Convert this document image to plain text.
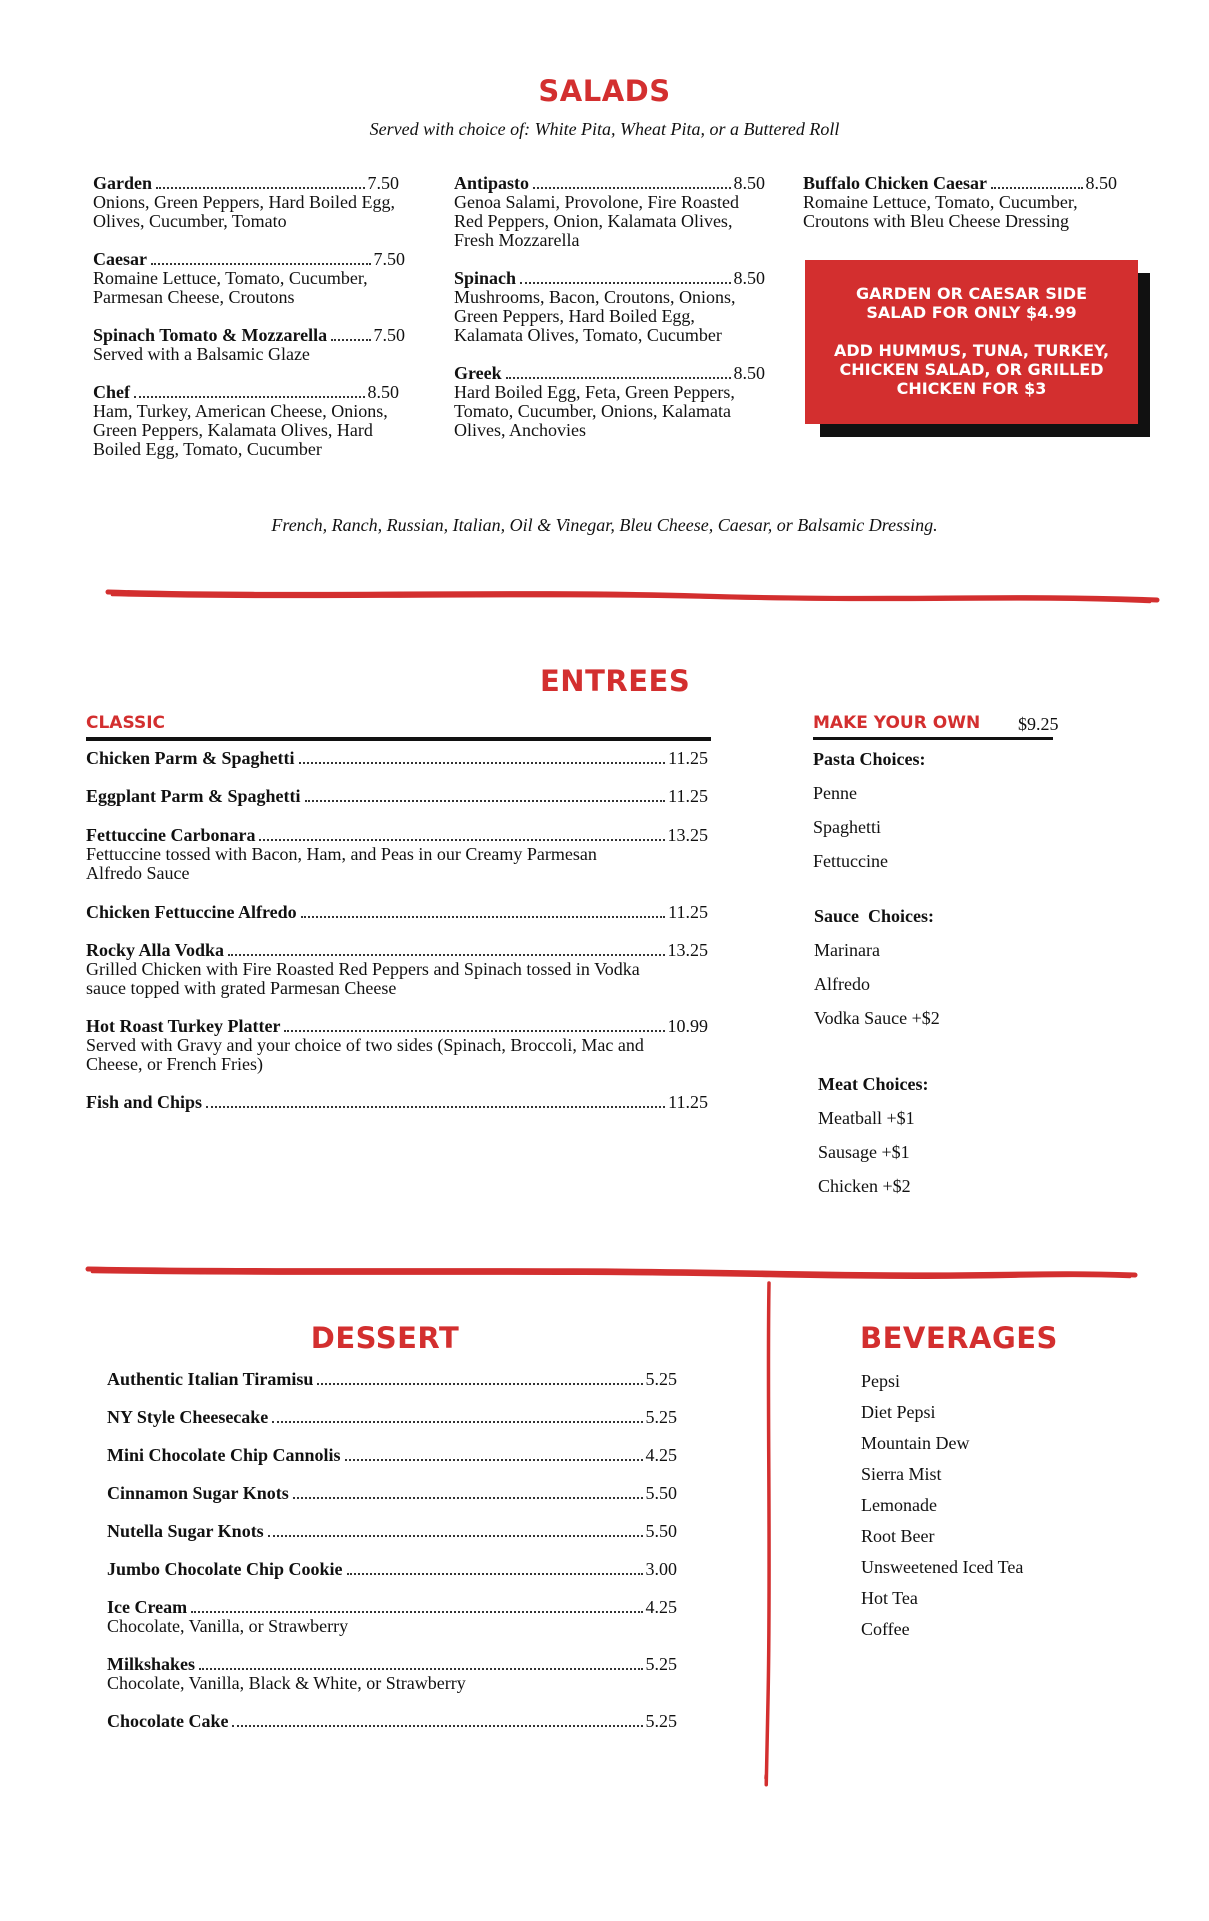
SALADS
Served with choice of: White Pita, Wheat Pita, or a Buttered Roll
Garden	7.50
Onions, Green Peppers, Hard Boiled Egg, Olives, Cucumber, Tomato
Caesar	7.50
Romaine Lettuce, Tomato, Cucumber, Parmesan Cheese, Croutons
Spinach Tomato & Mozzarella	7.50
Served with a Balsamic Glaze
Chef	8.50
Ham, Turkey, American Cheese, Onions, Green Peppers, Kalamata Olives, Hard Boiled Egg, Tomato, Cucumber
Antipasto	8.50
Genoa Salami, Provolone, Fire Roasted Red Peppers, Onion, Kalamata Olives, Fresh Mozzarella
Spinach	8.50
Mushrooms, Bacon, Croutons, Onions, Green Peppers, Hard Boiled Egg, Kalamata Olives, Tomato, Cucumber
Greek	8.50
Hard Boiled Egg, Feta, Green Peppers, Tomato, Cucumber, Onions, Kalamata Olives, Anchovies
Buffalo Chicken Caesar	8.50
Romaine Lettuce, Tomato, Cucumber, Croutons with Bleu Cheese Dressing
GARDEN OR CAESAR SIDE SALAD FOR ONLY $4.99
ADD HUMMUS, TUNA, TURKEY, CHICKEN SALAD, OR GRILLED CHICKEN FOR $3
French, Ranch, Russian, Italian, Oil & Vinegar, Bleu Cheese, Caesar, or Balsamic Dressing.
ENTREES
CLASSIC
Chicken Parm & Spaghetti	11.25
Eggplant Parm & Spaghetti	11.25
Fettuccine Carbonara	13.25
Fettuccine tossed with Bacon, Ham, and Peas in our Creamy Parmesan Alfredo Sauce
Chicken Fettuccine Alfredo	11.25
Rocky Alla Vodka	13.25
Grilled Chicken with Fire Roasted Red Peppers and Spinach tossed in Vodka sauce topped with grated Parmesan Cheese
Hot Roast Turkey Platter	10.99
Served with Gravy and your choice of two sides (Spinach, Broccoli, Mac and Cheese, or French Fries)
Fish and Chips	11.25
MAKE YOUR OWN $9.25
Pasta Choices:
Penne
Spaghetti
Fettuccine
Sauce  Choices:
Marinara
Alfredo
Vodka Sauce +$2
Meat Choices:
Meatball +$1
Sausage +$1
Chicken +$2
DESSERT
Authentic Italian Tiramisu	5.25
NY Style Cheesecake	5.25
Mini Chocolate Chip Cannolis	4.25
Cinnamon Sugar Knots	5.50
Nutella Sugar Knots	5.50
Jumbo Chocolate Chip Cookie	3.00
Ice Cream	4.25
Chocolate, Vanilla, or Strawberry
Milkshakes	5.25
Chocolate, Vanilla, Black & White, or Strawberry
Chocolate Cake	5.25
BEVERAGES
Pepsi
Diet Pepsi
Mountain Dew
Sierra Mist
Lemonade
Root Beer
Unsweetened Iced Tea
Hot Tea
Coffee
